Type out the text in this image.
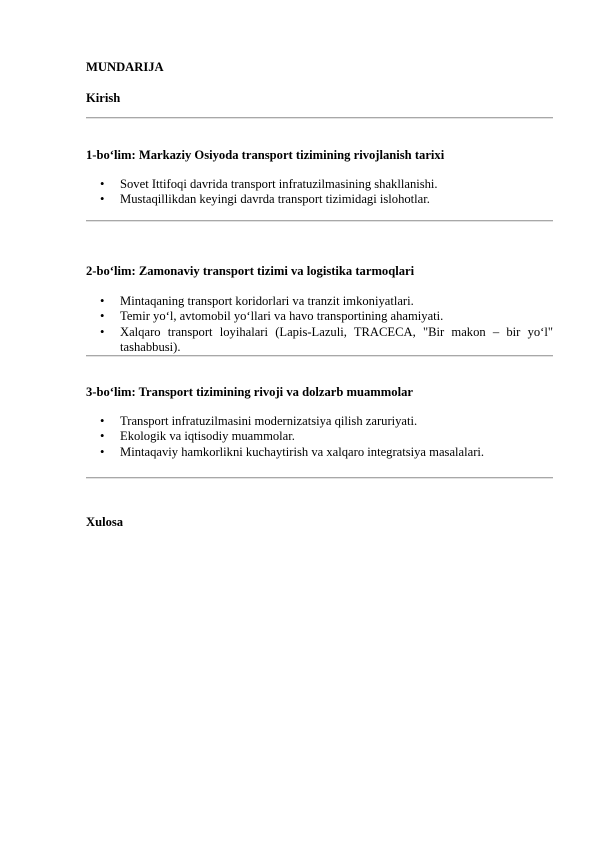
MUNDARIJA
Kirish
1-bo‘lim: Markaziy Osiyoda transport tizimining rivojlanish tarixi
• Sovet Ittifoqi davrida transport infratuzilmasining shakllanishi.
• Mustaqillikdan keyingi davrda transport tizimidagi islohotlar.
2-bo‘lim: Zamonaviy transport tizimi va logistika tarmoqlari
• Mintaqaning transport koridorlari va tranzit imkoniyatlari.
• Temir yo‘l, avtomobil yo‘llari va havo transportining ahamiyati.
• Xalqaro transport loyihalari (Lapis-Lazuli, TRACECA, "Bir makon – bir yo‘l" tashabbusi).
3-bo‘lim: Transport tizimining rivoji va dolzarb muammolar
• Transport infratuzilmasini modernizatsiya qilish zaruriyati.
• Ekologik va iqtisodiy muammolar.
• Mintaqaviy hamkorlikni kuchaytirish va xalqaro integratsiya masalalari.
Xulosa
